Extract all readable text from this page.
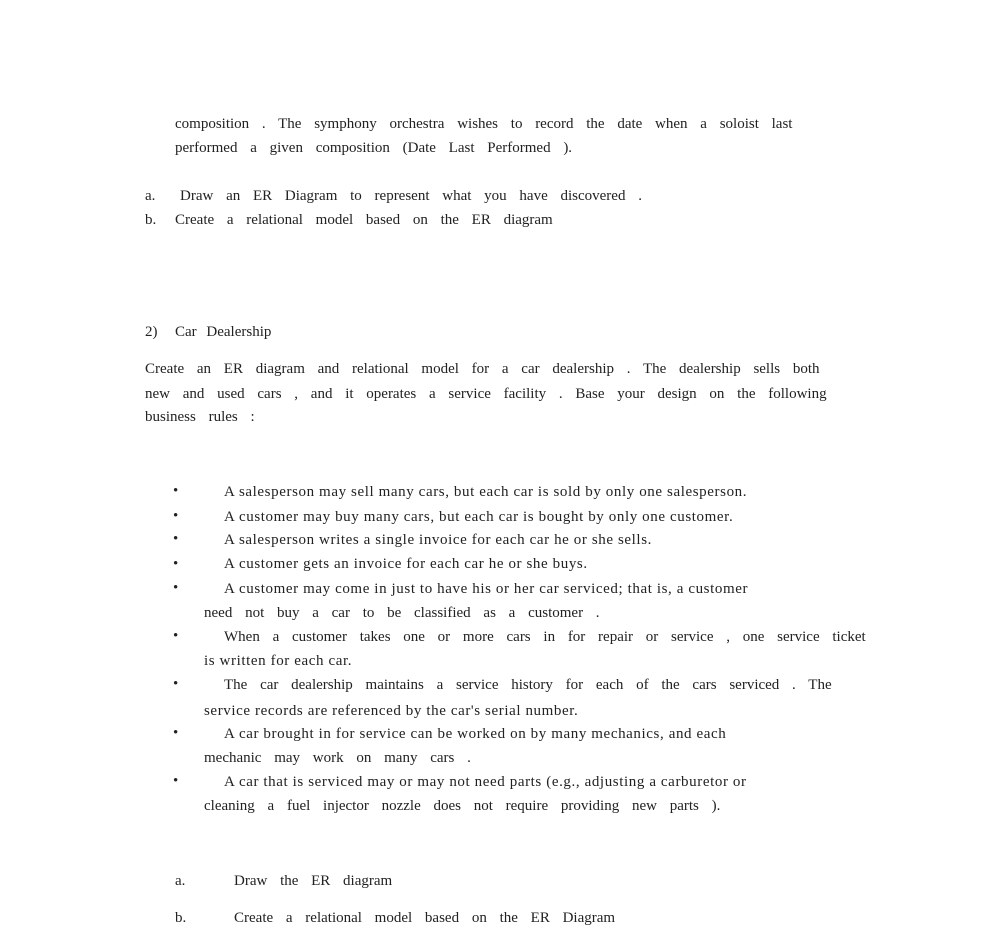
composition . The symphony orchestra wishes to record the date when a soloist last
performed a given composition (Date Last Performed ).
a. Draw an ER Diagram to represent what you have discovered .
b. Create a relational model based on the ER diagram
2) Car Dealership
Create an ER diagram and relational model for a car dealership . The dealership sells both
new and used cars , and it operates a service facility . Base your design on the following
business rules :
•	A salesperson may sell many cars, but each car is sold by only one salesperson.
•	A customer may buy many cars, but each car is bought by only one customer.
•	A salesperson writes a single invoice for each car he or she sells.
•	A customer gets an invoice for each car he or she buys.
•	A customer may come in just to have his or her car serviced; that is, a customer
need not buy a car to be classified as a customer .
•	When a customer takes one or more cars in for repair or service , one service ticket
is written for each car.
•	The car dealership maintains a service history for each of the cars serviced . The
service records are referenced by the car's serial number.
•	A car brought in for service can be worked on by many mechanics, and each
mechanic may work on many cars .
•	A car that is serviced may or may not need parts (e.g., adjusting a carburetor or
cleaning a fuel injector nozzle does not require providing new parts ).
a.	Draw the ER diagram
b.	Create a relational model based on the ER Diagram
